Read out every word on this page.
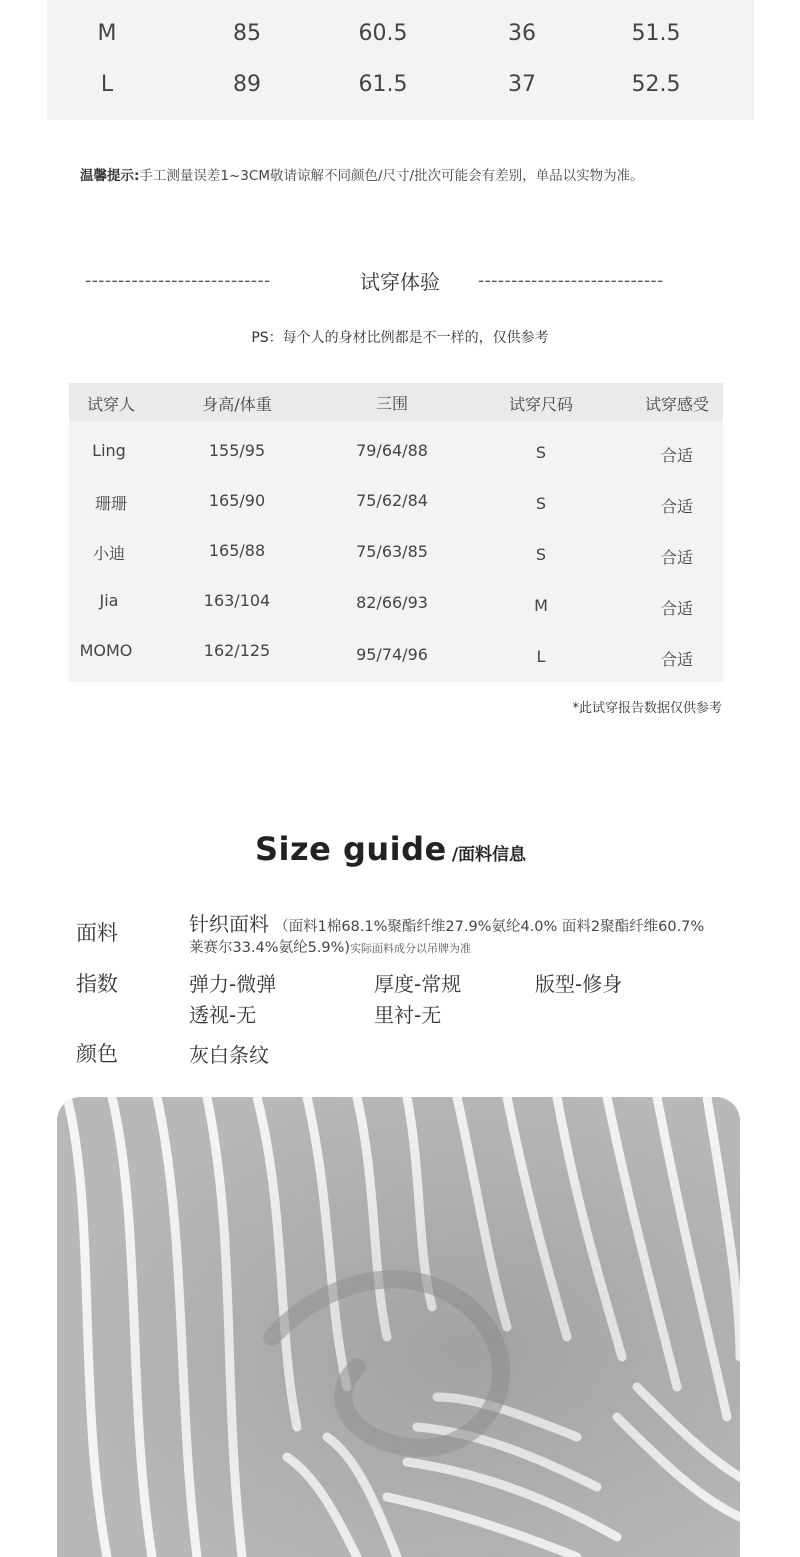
M	85	60.5	36	51.5
L	89	61.5	37	52.5
温馨提示:手工测量误差1~3CM敬请谅解不同颜色/尺寸/批次可能会有差别，单品以实物为准。
----------------------------	试穿体验	----------------------------
PS：每个人的身材比例都是不一样的，仅供参考
试穿人	身高/体重	三围	试穿尺码	试穿感受
Ling	155/95	79/64/88	S	合适
珊珊	165/90	75/62/84	S	合适
小迪	165/88	75/63/85	S	合适
Jia	163/104	82/66/93	M	合适
MOMO	162/125	95/74/96	L	合适
*此试穿报告数据仅供参考
Size guide /面料信息
面料	针织面料 （面料1棉68.1%聚酯纤维27.9%氨纶4.0% 面料2聚酯纤维60.7%
莱赛尔33.4%氨纶5.9%)实际面料成分以吊牌为准
指数	弹力-微弹	厚度-常规	版型-修身
透视-无	里衬-无
颜色	灰白条纹
